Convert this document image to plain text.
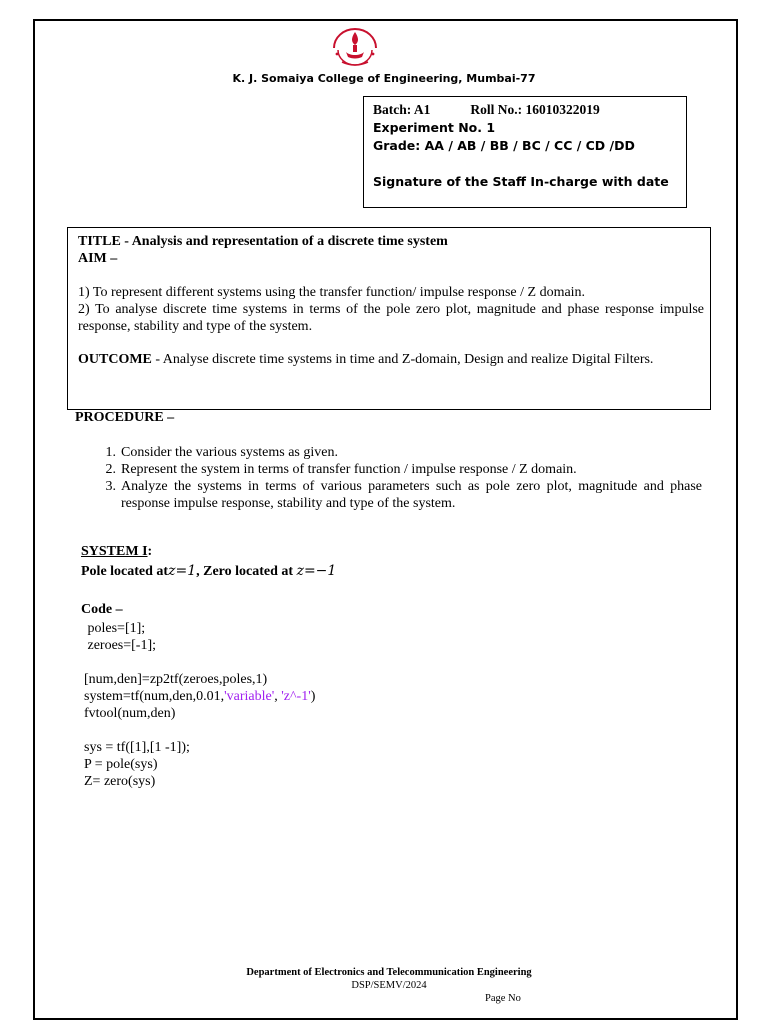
K. J. Somaiya College of Engineering, Mumbai-77
Batch: A1	Roll No.: 16010322019
Experiment No. 1
Grade: AA / AB / BB / BC / CC / CD /DD
Signature of the Staff In-charge with date
TITLE - Analysis and representation of a discrete time system
AIM –
1) To represent different systems using the transfer function/ impulse response / Z domain.
2) To analyse discrete time systems in terms of the pole zero plot, magnitude and phase response impulse response, stability and type of the system.
OUTCOME - Analyse discrete time systems in time and Z-domain, Design and realize Digital Filters.
PROCEDURE –
1. Consider the various systems as given.
2. Represent the system in terms of transfer function / impulse response / Z domain.
3. Analyze the systems in terms of various parameters such as pole zero plot, magnitude and phase response impulse response, stability and type of the system.
SYSTEM I:
Pole located atz=1, Zero located at z=−1
Code –
poles=[1];
zeroes=[-1];
[num,den]=zp2tf(zeroes,poles,1)
system=tf(num,den,0.01,'variable', 'z^-1')
fvtool(num,den)
sys = tf([1],[1 -1]);
P = pole(sys)
Z= zero(sys)
Department of Electronics and Telecommunication Engineering
DSP/SEMV/2024
Page No
